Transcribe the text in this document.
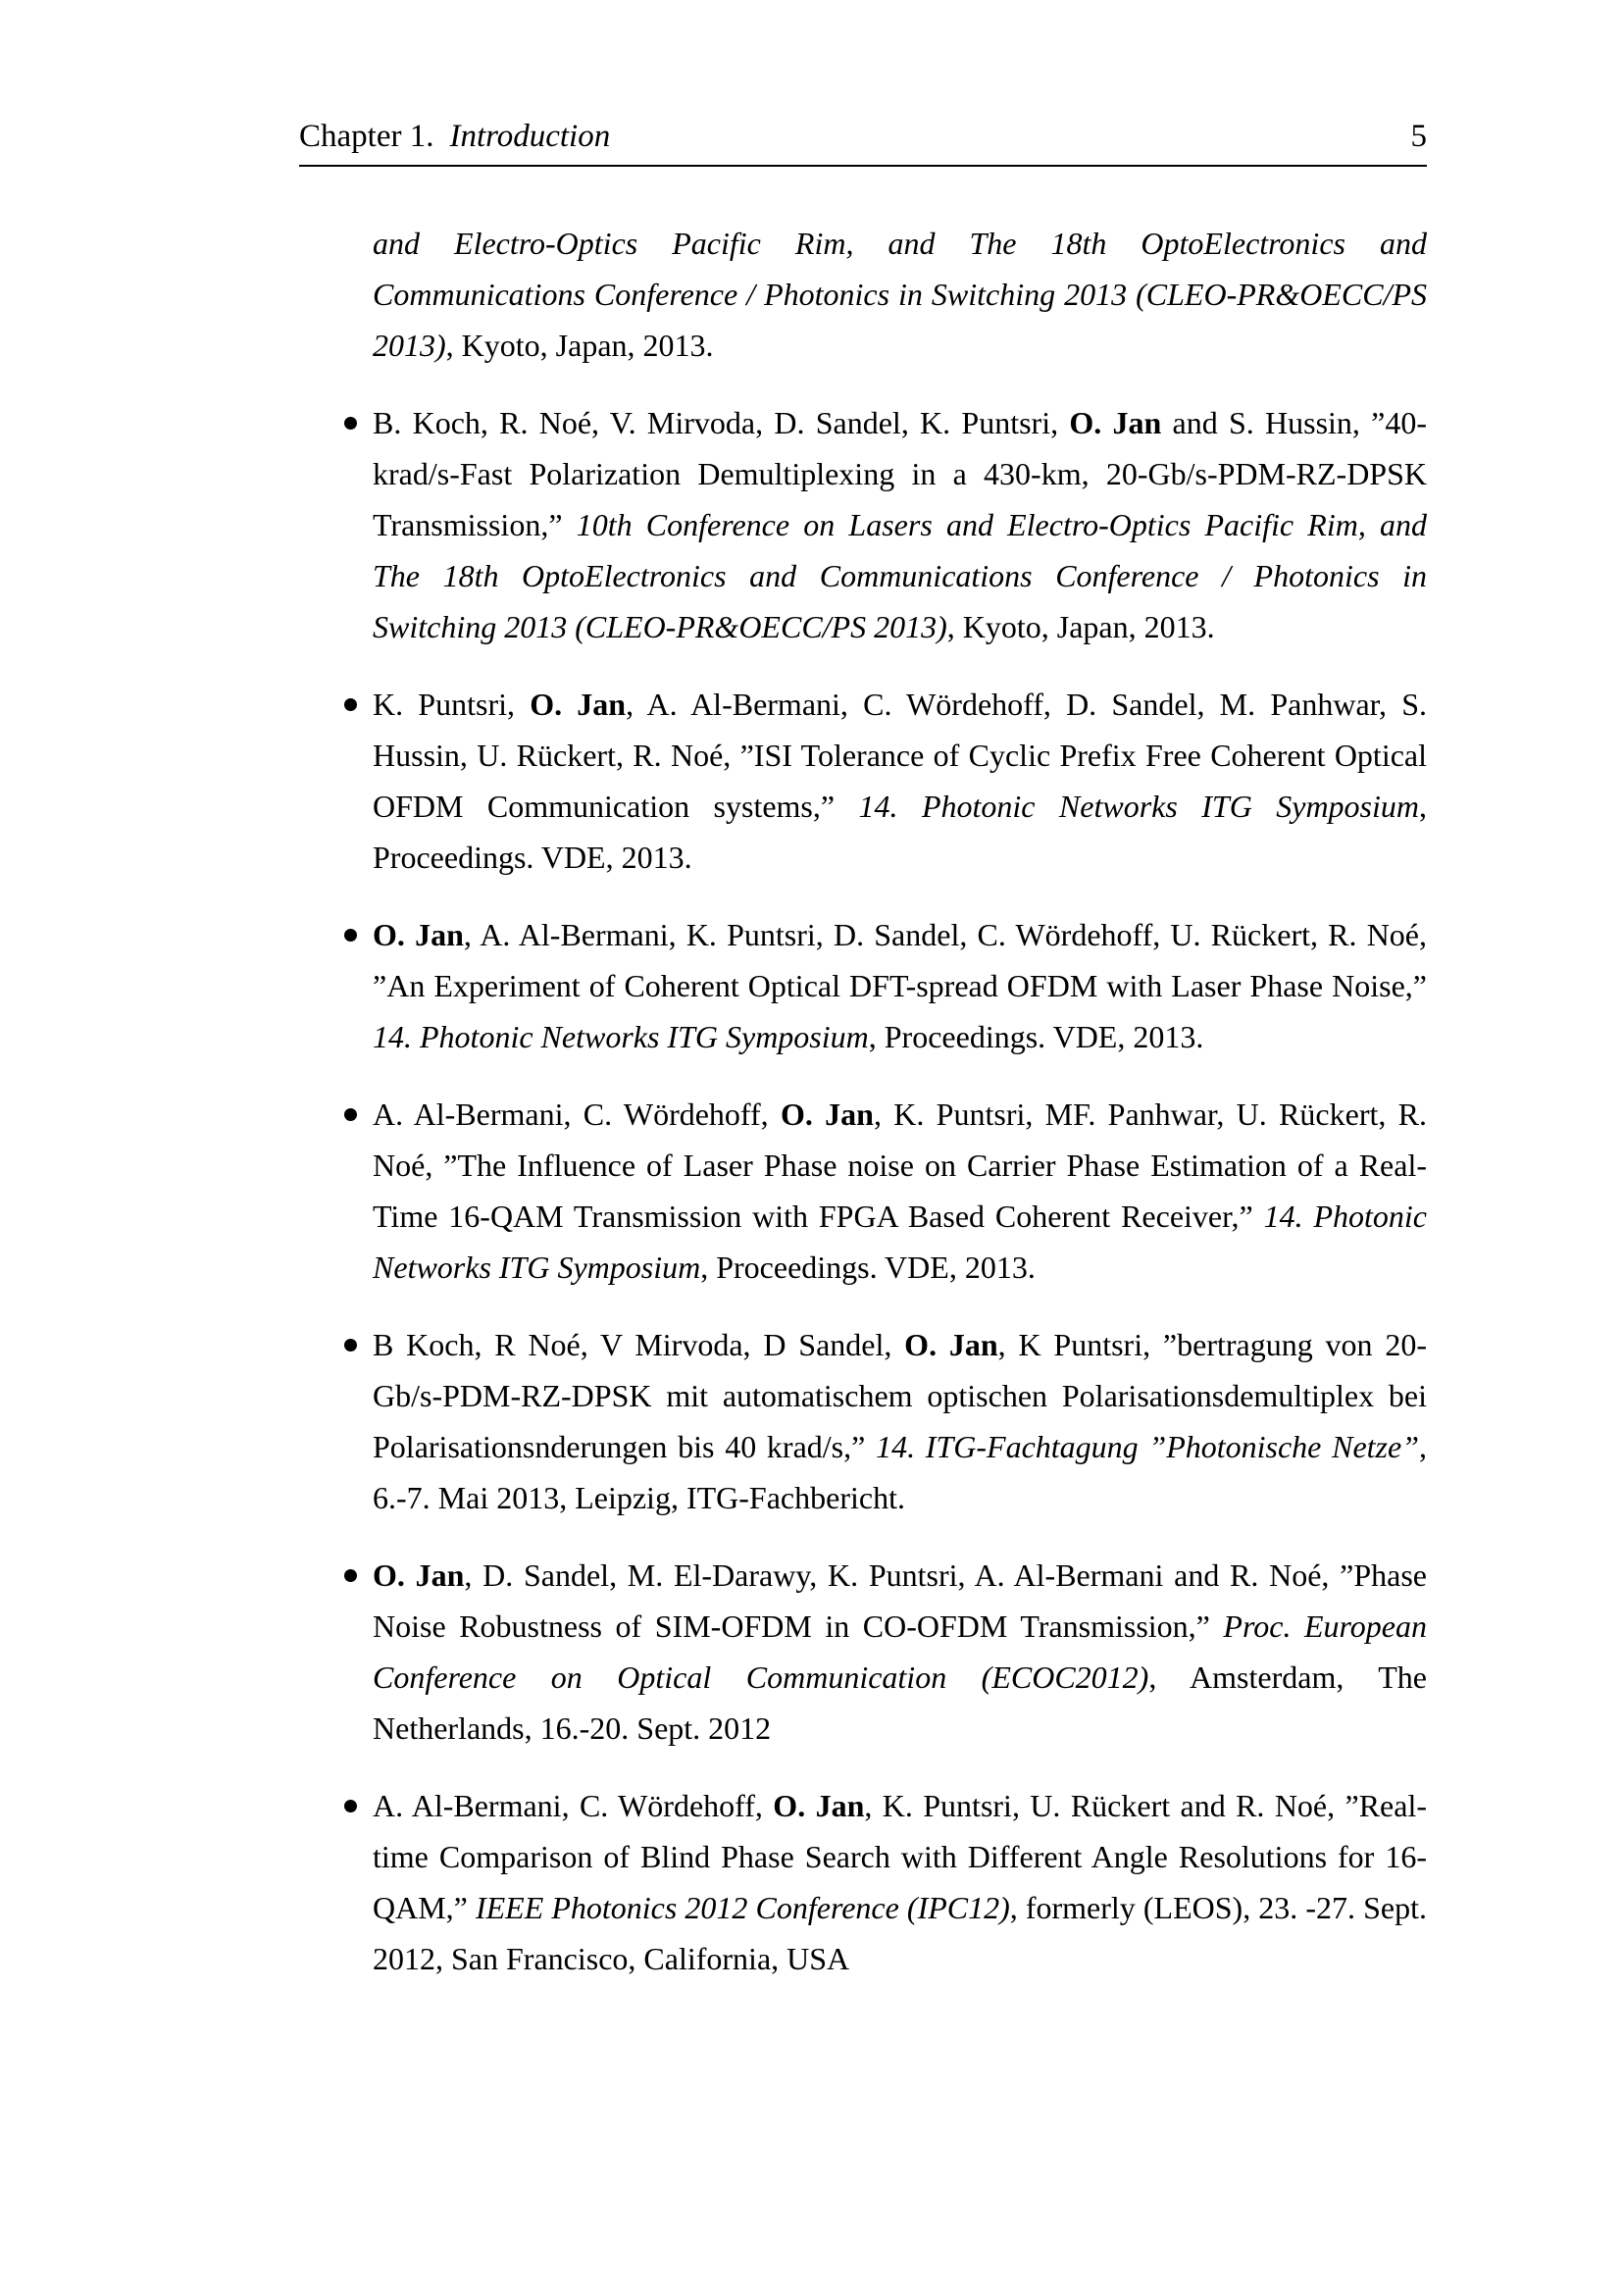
Chapter 1. Introduction	5

and Electro-Optics Pacific Rim, and The 18th OptoElectronics and Communications Conference / Photonics in Switching 2013 (CLEO-PR&OECC/PS 2013), Kyoto, Japan, 2013.

B. Koch, R. Noé, V. Mirvoda, D. Sandel, K. Puntsri, O. Jan and S. Hussin, ”40-krad/s-Fast Polarization Demultiplexing in a 430-km, 20-Gb/s-PDM-RZ-DPSK Transmission,” 10th Conference on Lasers and Electro-Optics Pacific Rim, and The 18th OptoElectronics and Communications Conference / Photonics in Switching 2013 (CLEO-PR&OECC/PS 2013), Kyoto, Japan, 2013.
K. Puntsri, O. Jan, A. Al-Bermani, C. Wördehoff, D. Sandel, M. Panhwar, S. Hussin, U. Rückert, R. Noé, ”ISI Tolerance of Cyclic Prefix Free Coherent Optical OFDM Communication systems,” 14. Photonic Networks ITG Symposium, Proceedings. VDE, 2013.
O. Jan, A. Al-Bermani, K. Puntsri, D. Sandel, C. Wördehoff, U. Rückert, R. Noé, ”An Experiment of Coherent Optical DFT-spread OFDM with Laser Phase Noise,” 14. Photonic Networks ITG Symposium, Proceedings. VDE, 2013.
A. Al-Bermani, C. Wördehoff, O. Jan, K. Puntsri, MF. Panhwar, U. Rückert, R. Noé, ”The Influence of Laser Phase noise on Carrier Phase Estimation of a Real-Time 16-QAM Transmission with FPGA Based Coherent Receiver,” 14. Photonic Networks ITG Symposium, Proceedings. VDE, 2013.
B Koch, R Noé, V Mirvoda, D Sandel, O. Jan, K Puntsri, ”bertragung von 20-Gb/s-PDM-RZ-DPSK mit automatischem optischen Polarisationsdemultiplex bei Polarisationsnderungen bis 40 krad/s,” 14. ITG-Fachtagung ”Photonische Netze”, 6.-7. Mai 2013, Leipzig, ITG-Fachbericht.
O. Jan, D. Sandel, M. El-Darawy, K. Puntsri, A. Al-Bermani and R. Noé, ”Phase Noise Robustness of SIM-OFDM in CO-OFDM Transmission,” Proc. European Conference on Optical Communication (ECOC2012), Amsterdam, The Netherlands, 16.-20. Sept. 2012
A. Al-Bermani, C. Wördehoff, O. Jan, K. Puntsri, U. Rückert and R. Noé, ”Real-time Comparison of Blind Phase Search with Different Angle Resolutions for 16-QAM,” IEEE Photonics 2012 Conference (IPC12), formerly (LEOS), 23. -27. Sept. 2012, San Francisco, California, USA
